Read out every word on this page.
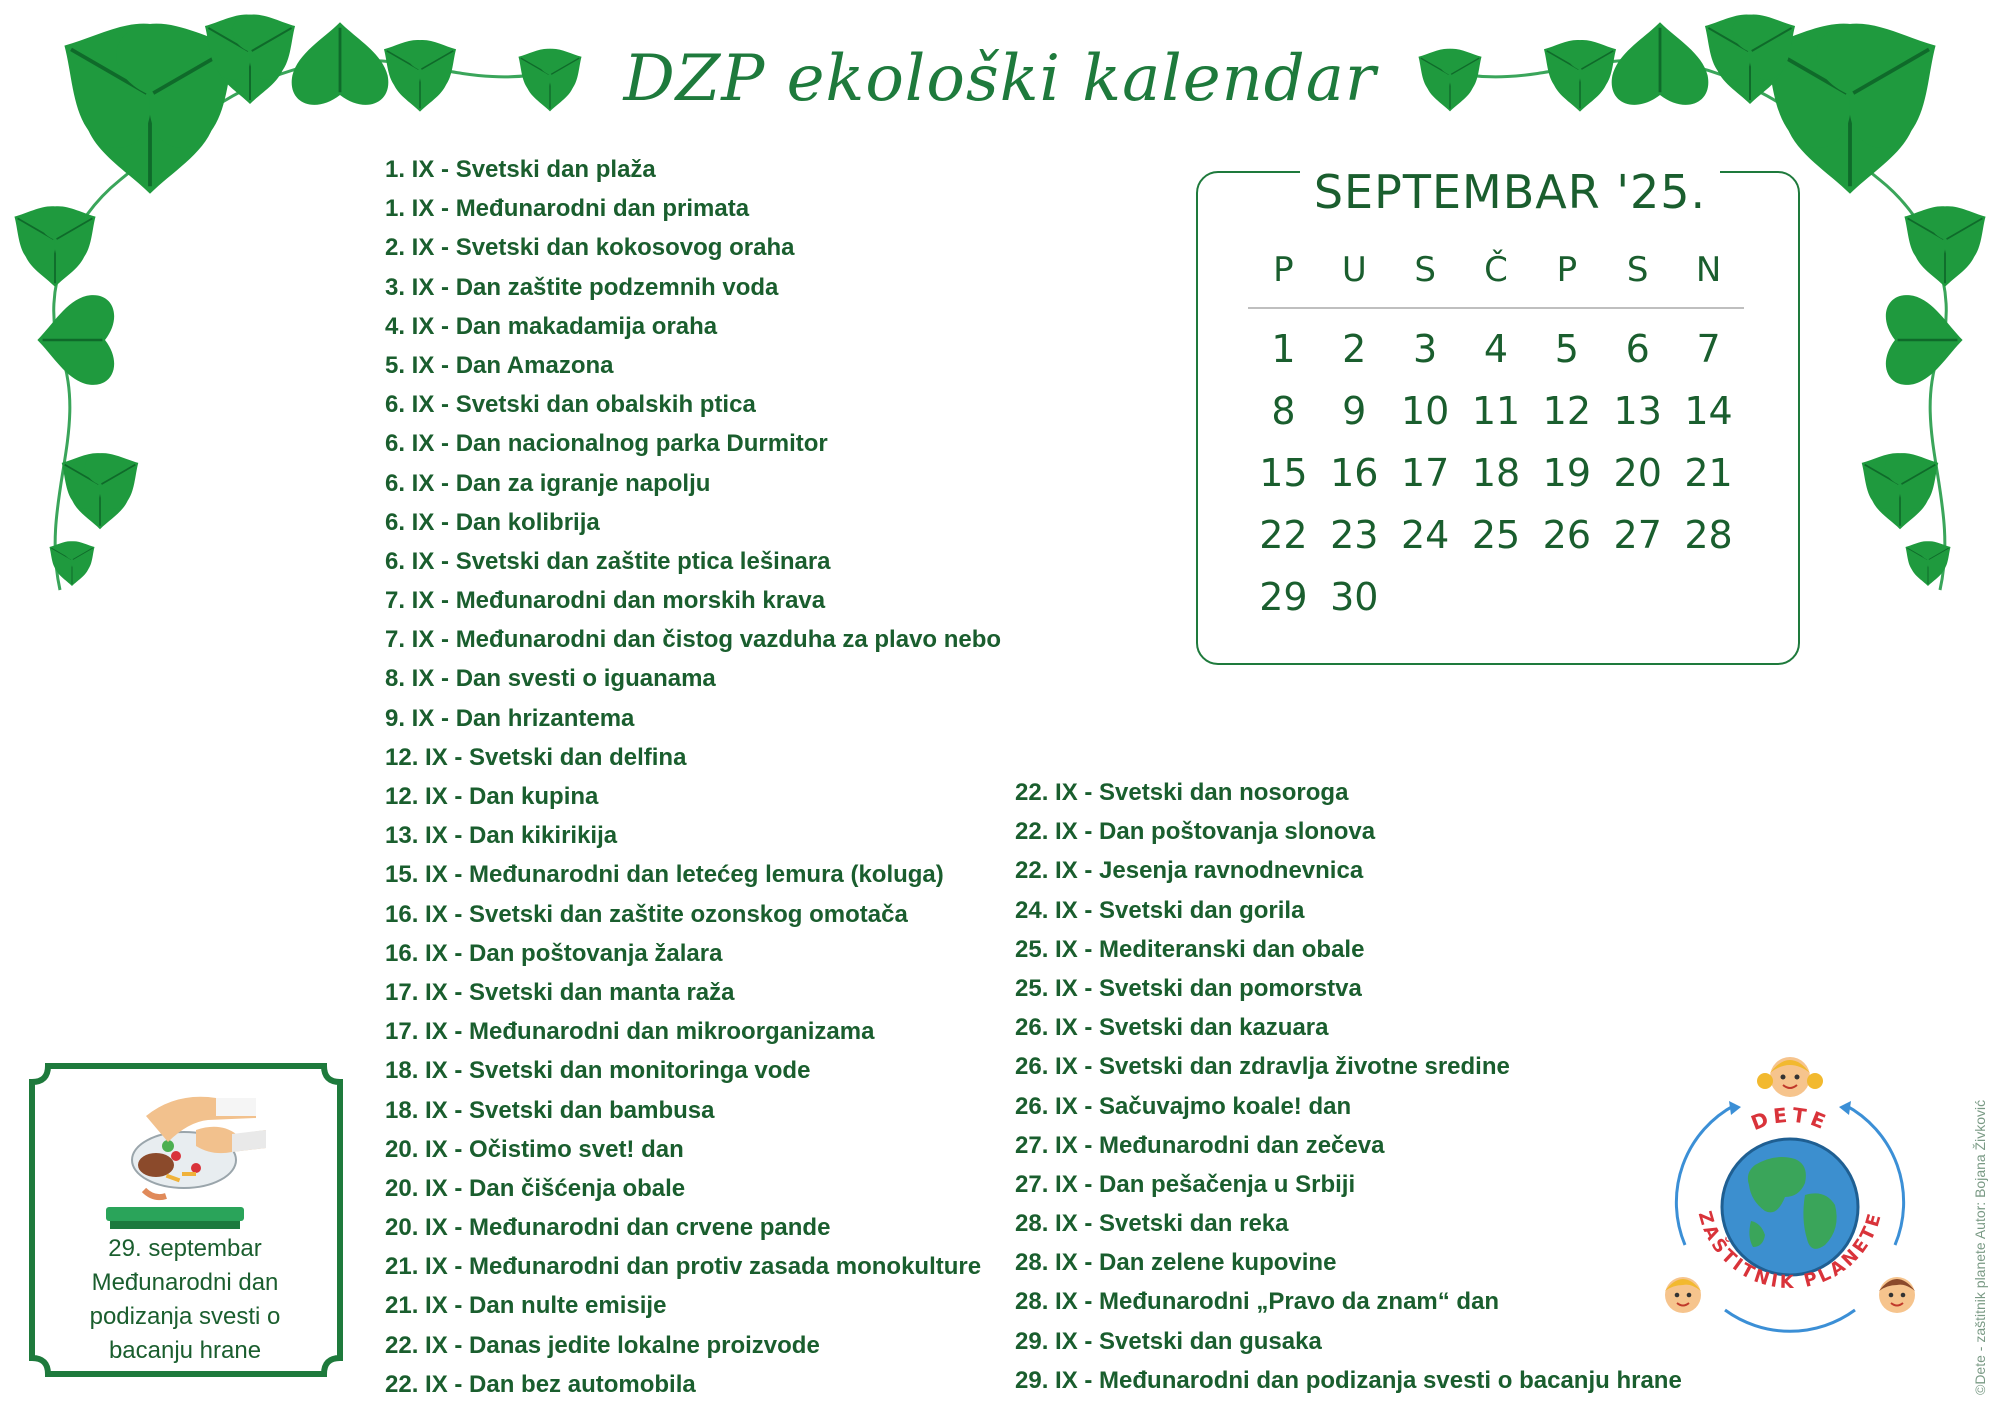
DZP ekološki kalendar
1. IX - Svetski dan plaža
1. IX - Međunarodni dan primata
2. IX - Svetski dan kokosovog oraha
3. IX - Dan zaštite podzemnih voda
4. IX - Dan makadamija oraha
5. IX - Dan Amazona
6. IX - Svetski dan obalskih ptica
6. IX - Dan nacionalnog parka Durmitor
6. IX - Dan za igranje napolju
6. IX - Dan kolibrija
6. IX - Svetski dan zaštite ptica lešinara
7. IX - Međunarodni dan morskih krava
7. IX - Međunarodni dan čistog vazduha za plavo nebo
8. IX - Dan svesti o iguanama
9. IX - Dan hrizantema
12. IX - Svetski dan delfina
12. IX - Dan kupina
13. IX - Dan kikirikija
15. IX - Međunarodni dan letećeg lemura (koluga)
16. IX - Svetski dan zaštite ozonskog omotača
16. IX - Dan poštovanja žalara
17. IX - Svetski dan manta raža
17. IX - Međunarodni dan mikroorganizama
18. IX - Svetski dan monitoringa vode
18. IX - Svetski dan bambusa
20. IX - Očistimo svet! dan
20. IX - Dan čišćenja obale
20. IX - Međunarodni dan crvene pande
21. IX - Međunarodni dan protiv zasada monokulture
21. IX - Dan nulte emisije
22. IX - Danas jedite lokalne proizvode
22. IX - Dan bez automobila
22. IX - Svetski dan nosoroga
22. IX - Dan poštovanja slonova
22. IX - Jesenja ravnodnevnica
24. IX - Svetski dan gorila
25. IX - Mediteranski dan obale
25. IX - Svetski dan pomorstva
26. IX - Svetski dan kazuara
26. IX - Svetski dan zdravlja životne sredine
26. IX - Sačuvajmo koale! dan
27. IX - Međunarodni dan zečeva
27. IX - Dan pešačenja u Srbiji
28. IX - Svetski dan reka
28. IX - Dan zelene kupovine
28. IX - Međunarodni „Pravo da znam“ dan
29. IX - Svetski dan gusaka
29. IX - Međunarodni dan podizanja svesti o bacanju hrane
SEPTEMBAR '25.
P	U	S	Č	P	S	N
1	2	3	4	5	6	7
8	9 10 11 12 13 14
15 16 17 18 19 20 21
22 23 24 25 26 27 28
29 30
29. septembar
Međunarodni dan
podizanja svesti o
bacanju hrane
DETE
ZAŠTITNIK PLANETE	©Dete - zaštitnik planete Autor: Bojana Živković
